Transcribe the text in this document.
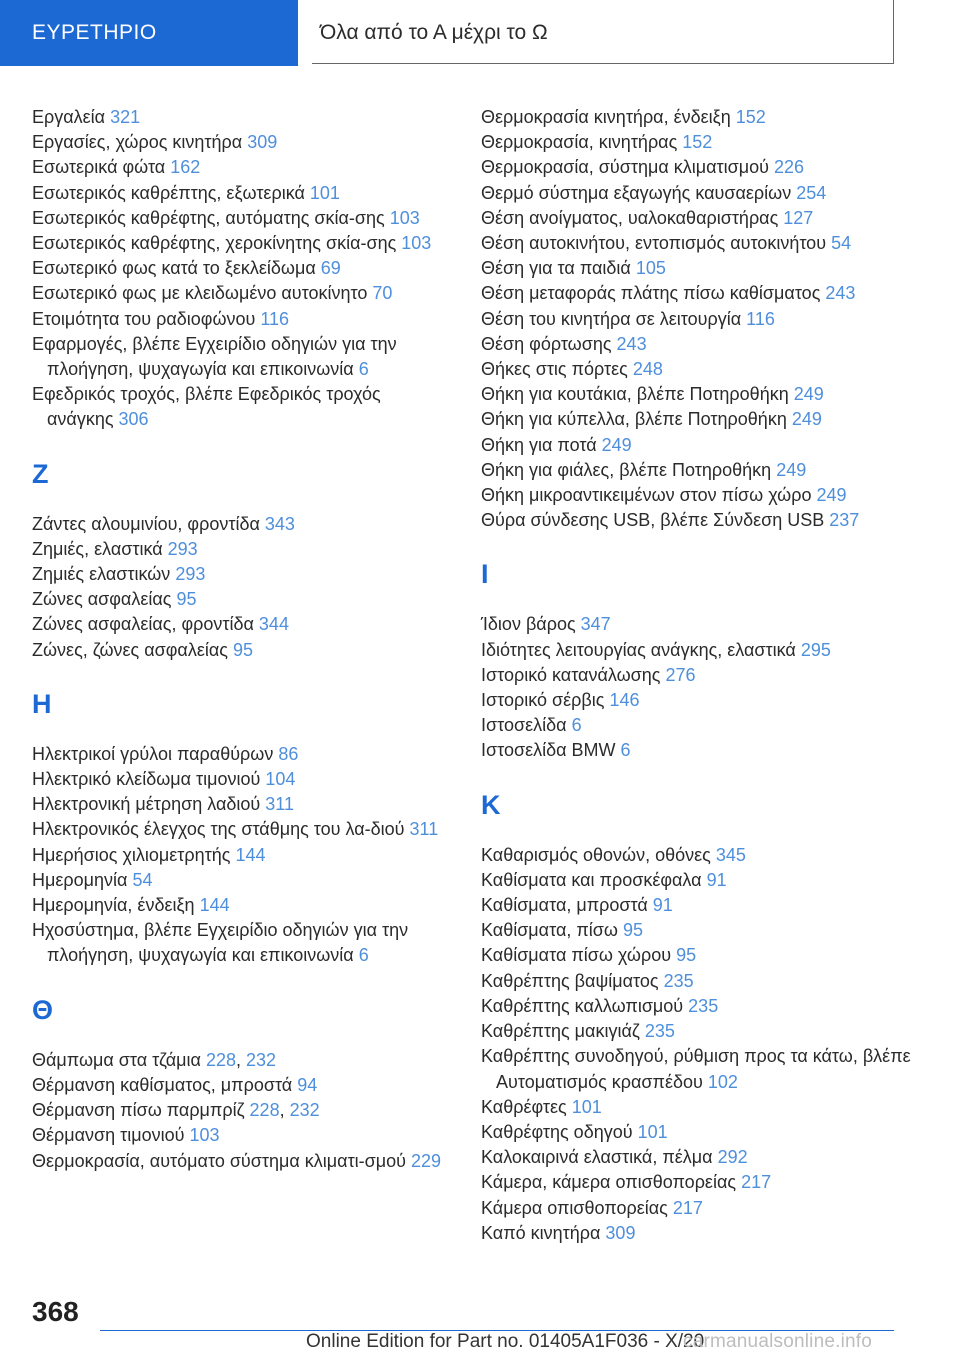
ΕΥΡΕΤΗΡΙΟ	Όλα από το Α μέχρι το Ω

Εργαλεία 321

Εργασίες, χώρος κινητήρα 309

Εσωτερικά φώτα 162

Εσωτερικός καθρέπτης, εξωτερικά 101

Εσωτερικός καθρέφτης, αυτόματης σκία-σης 103

Εσωτερικός καθρέφτης, χεροκίνητης σκία-σης 103

Εσωτερικό φως κατά το ξεκλείδωμα 69

Εσωτερικό φως με κλειδωμένο αυτοκίνητο 70

Ετοιμότητα του ραδιοφώνου 116

Εφαρμογές, βλέπε Εγχειρίδιο οδηγιών για την πλοήγηση, ψυχαγωγία και επικοινωνία 6

Εφεδρικός τροχός, βλέπε Εφεδρικός τροχός ανάγκης 306

Ζ

Ζάντες αλουμινίου, φροντίδα 343

Ζημιές, ελαστικά 293

Ζημιές ελαστικών 293

Ζώνες ασφαλείας 95

Ζώνες ασφαλείας, φροντίδα 344

Ζώνες, ζώνες ασφαλείας 95

Η

Ηλεκτρικοί γρύλοι παραθύρων 86

Ηλεκτρικό κλείδωμα τιμονιού 104

Ηλεκτρονική μέτρηση λαδιού 311

Ηλεκτρονικός έλεγχος της στάθμης του λα-διού 311

Ημερήσιος χιλιομετρητής 144

Ημερομηνία 54

Ημερομηνία, ένδειξη 144

Ηχοσύστημα, βλέπε Εγχειρίδιο οδηγιών για την πλοήγηση, ψυχαγωγία και επικοινωνία 6

Θ

Θάμπωμα στα τζάμια 228, 232

Θέρμανση καθίσματος, μπροστά 94

Θέρμανση πίσω παρμπρίζ 228, 232

Θέρμανση τιμονιού 103

Θερμοκρασία, αυτόματο σύστημα κλιματι-σμού 229

Θερμοκρασία κινητήρα, ένδειξη 152

Θερμοκρασία, κινητήρας 152

Θερμοκρασία, σύστημα κλιματισμού 226

Θερμό σύστημα εξαγωγής καυσαερίων 254

Θέση ανοίγματος, υαλοκαθαριστήρας 127

Θέση αυτοκινήτου, εντοπισμός αυτοκινήτου 54

Θέση για τα παιδιά 105

Θέση μεταφοράς πλάτης πίσω καθίσματος 243

Θέση του κινητήρα σε λειτουργία 116

Θέση φόρτωσης 243

Θήκες στις πόρτες 248

Θήκη για κουτάκια, βλέπε Ποτηροθήκη 249

Θήκη για κύπελλα, βλέπε Ποτηροθήκη 249

Θήκη για ποτά 249

Θήκη για φιάλες, βλέπε Ποτηροθήκη 249

Θήκη μικροαντικειμένων στον πίσω χώρο 249

Θύρα σύνδεσης USB, βλέπε Σύνδεση USB 237

Ι

Ίδιον βάρος 347

Ιδιότητες λειτουργίας ανάγκης, ελαστικά 295

Ιστορικό κατανάλωσης 276

Ιστορικό σέρβις 146

Ιστοσελίδα 6

Ιστοσελίδα BMW 6

Κ

Καθαρισμός οθονών, οθόνες 345

Καθίσματα και προσκέφαλα 91

Καθίσματα, μπροστά 91

Καθίσματα, πίσω 95

Καθίσματα πίσω χώρου 95

Καθρέπτης βαψίματος 235

Καθρέπτης καλλωπισμού 235

Καθρέπτης μακιγιάζ 235

Καθρέπτης συνοδηγού, ρύθμιση προς τα κάτω, βλέπε Αυτοματισμός κρασπέδου 102

Καθρέφτες 101

Καθρέφτης οδηγού 101

Καλοκαιρινά ελαστικά, πέλμα 292

Κάμερα, κάμερα οπισθοπορείας 217

Κάμερα οπισθοπορείας 217

Καπό κινητήρα 309

368
Online Edition for Part no. 01405A1F036 - X/20
carmanualsonline.info
